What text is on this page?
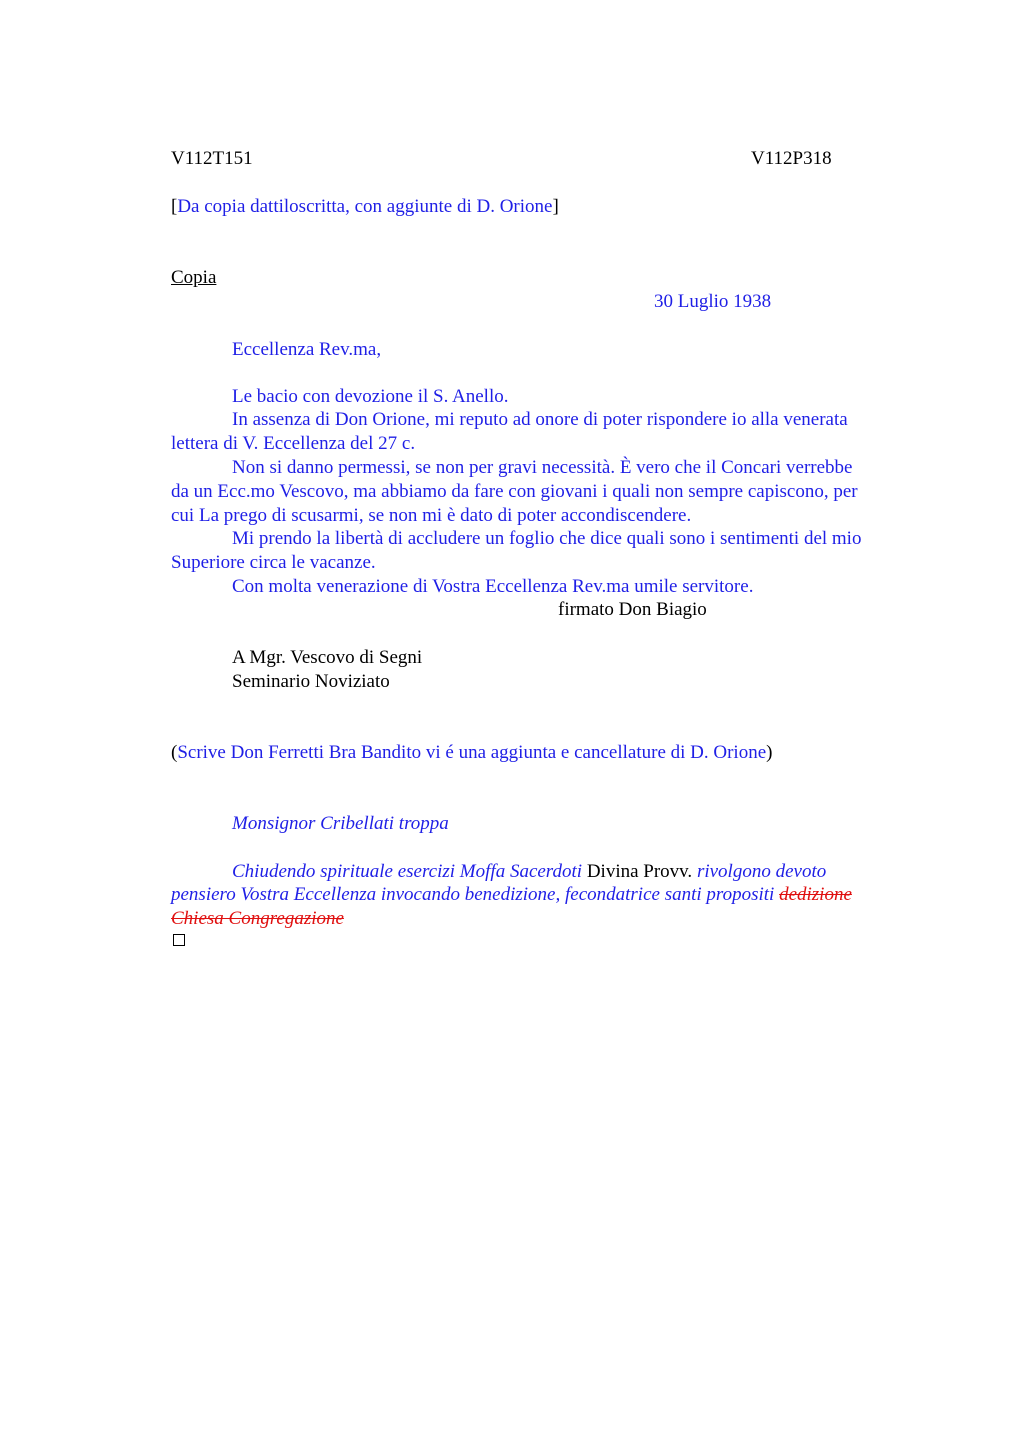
V112T151	V112P318
[Da copia dattiloscritta, con aggiunte di D. Orione]
Copia
30 Luglio 1938
Eccellenza Rev.ma,
Le bacio con devozione il S. Anello.
In assenza di Don Orione, mi reputo ad onore di poter rispondere io alla venerata
lettera di V. Eccellenza del 27 c.
Non si danno permessi, se non per gravi necessità. È vero che il Concari verrebbe
da un Ecc.mo Vescovo, ma abbiamo da fare con giovani i quali non sempre capiscono, per
cui La prego di scusarmi, se non mi è dato di poter accondiscendere.
Mi prendo la libertà di accludere un foglio che dice quali sono i sentimenti del mio
Superiore circa le vacanze.
Con molta venerazione di Vostra Eccellenza Rev.ma umile servitore.
firmato Don Biagio
A Mgr. Vescovo di Segni
Seminario Noviziato
(Scrive Don Ferretti Bra Bandito vi é una aggiunta e cancellature di D. Orione)
Monsignor Cribellati troppa
Chiudendo spirituale esercizi Moffa Sacerdoti Divina Provv. rivolgono devoto
pensiero Vostra Eccellenza invocando benedizione, fecondatrice santi propositi dedizione
Chiesa Congregazione
